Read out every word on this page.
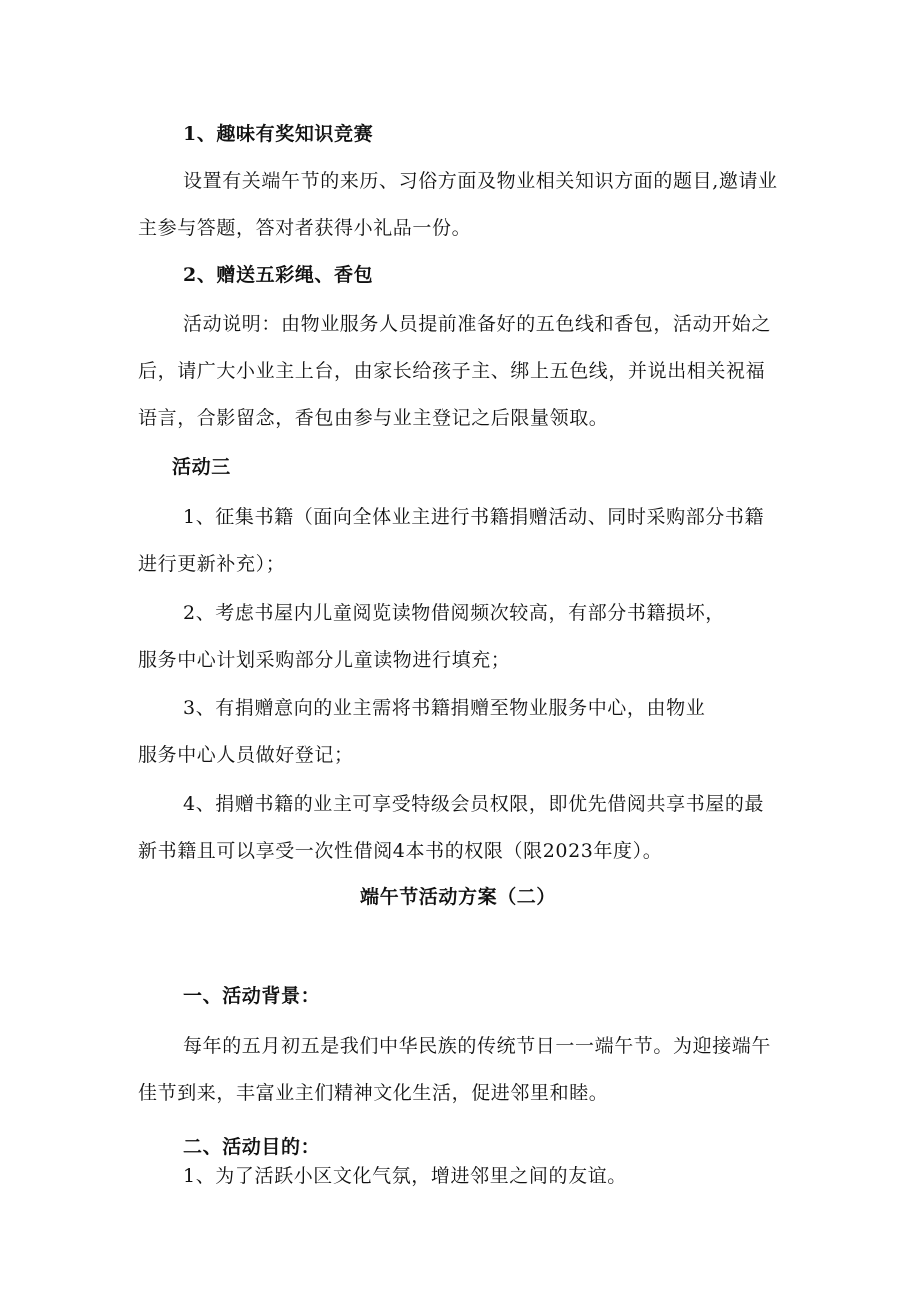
1、趣味有奖知识竞赛
设置有关端午节的来历、习俗方面及物业相关知识方面的题目,邀请业
主参与答题，答对者获得小礼品一份。
2、赠送五彩绳、香包
活动说明：由物业服务人员提前准备好的五色线和香包，活动开始之
后，请广大小业主上台，由家长给孩子主、绑上五色线，并说出相关祝福
语言，合影留念，香包由参与业主登记之后限量领取。
活动三
1、征集书籍（面向全体业主进行书籍捐赠活动、同时采购部分书籍
进行更新补充）；
2、考虑书屋内儿童阅览读物借阅频次较高，有部分书籍损坏，
服务中心计划采购部分儿童读物进行填充；
3、有捐赠意向的业主需将书籍捐赠至物业服务中心，由物业
服务中心人员做好登记；
4、捐赠书籍的业主可享受特级会员权限，即优先借阅共享书屋的最
新书籍且可以享受一次性借阅4本书的权限（限2023年度）。
端午节活动方案（二）
一、活动背景：
每年的五月初五是我们中华民族的传统节日一一端午节。为迎接端午
佳节到来，丰富业主们精神文化生活，促进邻里和睦。
二、活动目的：
1、为了活跃小区文化气氛，增进邻里之间的友谊。
